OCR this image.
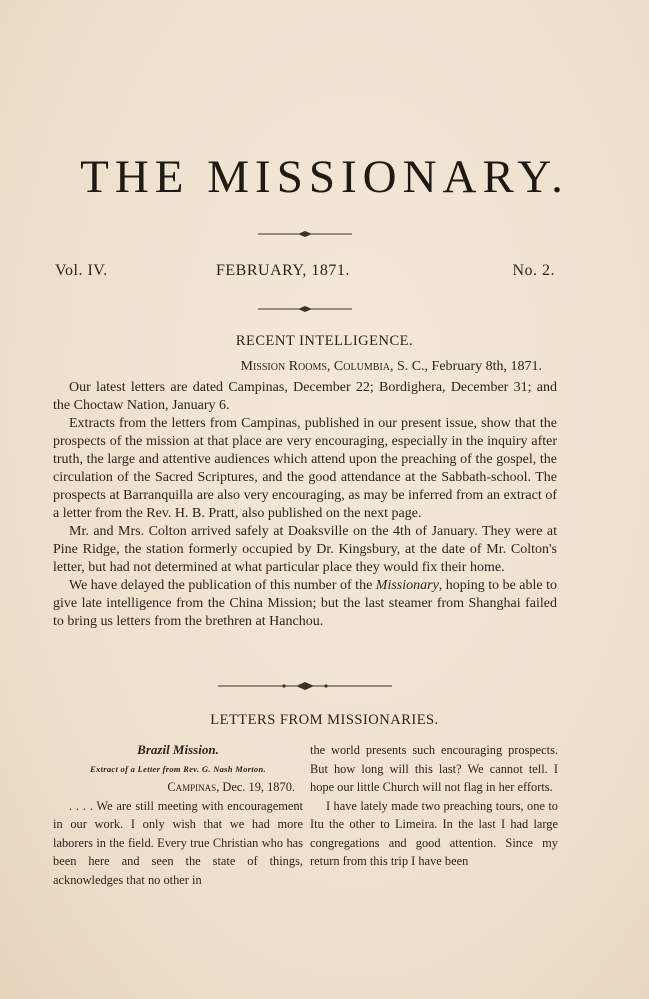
THE MISSIONARY.
Vol. IV.	FEBRUARY, 1871.	No. 2.
RECENT INTELLIGENCE.
Mission Rooms, Columbia, S. C., February 8th, 1871.

Our latest letters are dated Campinas, December 22; Bordighera, December 31; and the Choctaw Nation, January 6.

Extracts from the letters from Campinas, published in our present issue, show that the prospects of the mission at that place are very encouraging, especially in the inquiry after truth, the large and attentive audiences which attend upon the preaching of the gospel, the circulation of the Sacred Scriptures, and the good attendance at the Sabbath-school. The prospects at Barranquilla are also very encouraging, as may be inferred from an extract of a letter from the Rev. H. B. Pratt, also published on the next page.

Mr. and Mrs. Colton arrived safely at Doaksville on the 4th of January. They were at Pine Ridge, the station formerly occupied by Dr. Kingsbury, at the date of Mr. Colton's letter, but had not determined at what particular place they would fix their home.

We have delayed the publication of this number of the Missionary, hoping to be able to give late intelligence from the China Mission; but the last steamer from Shanghai failed to bring us letters from the brethren at Hanchou.

LETTERS FROM MISSIONARIES.

Brazil Mission.

Extract of a Letter from Rev. G. Nash Morton.

Campinas, Dec. 19, 1870.

. . . . We are still meeting with encouragement in our work. I only wish that we had more laborers in the field. Every true Christian who has been here and seen the state of things, acknowledges that no other in

the world presents such encouraging prospects. But how long will this last? We cannot tell. I hope our little Church will not flag in her efforts.

I have lately made two preaching tours, one to Itu the other to Limeira. In the last I had large congregations and good attention. Since my return from this trip I have been
